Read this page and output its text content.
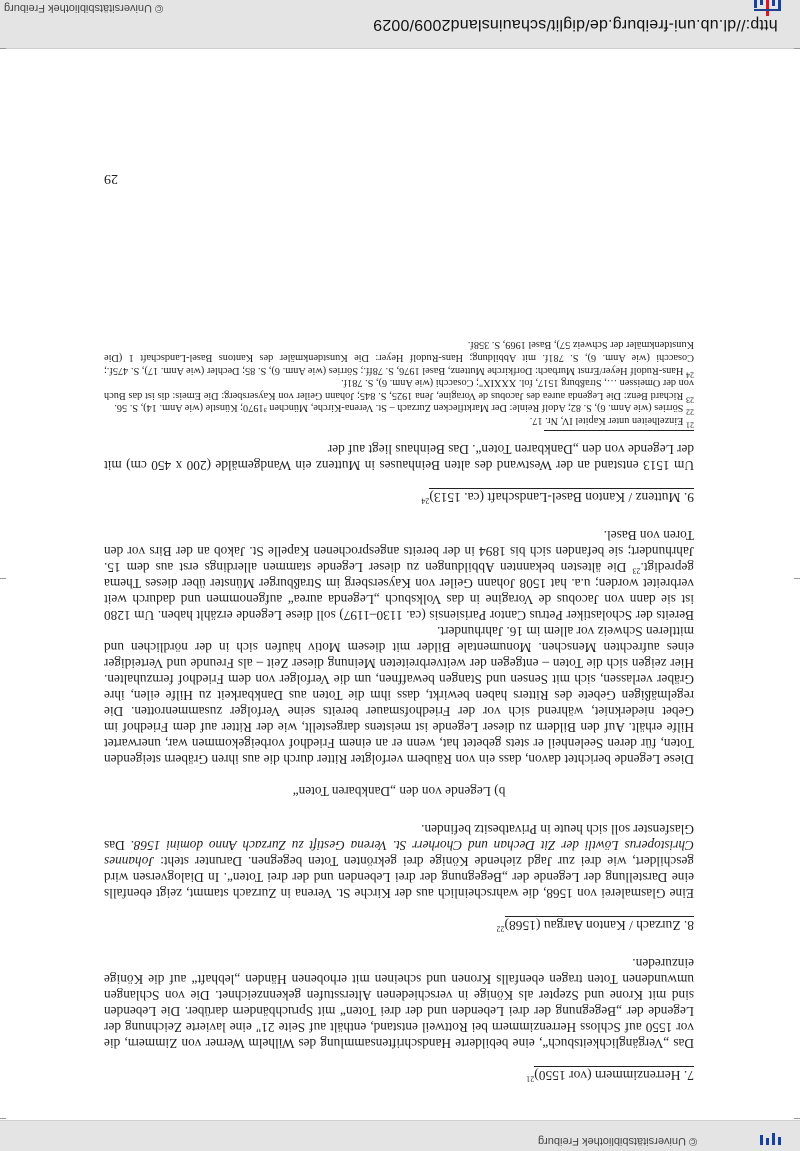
http://dl.ub.uni-freiburg.de/diglit/schauinsland2009/0029
© Universitätsbibliothek Freiburg
© Universitätsbibliothek Freiburg

7. Herrenzimmern (vor 1550)$^{21}$

Das „Vergänglichkeitsbuch“, eine bebilderte Handschriftensammlung des Wilhelm Werner von Zimmern, die vor 1550 auf Schloss Herrenzimmern bei Rottweil entstand, enthält auf Seite 21" eine lavierte Zeichnung der Legende der „Begegnung der drei Lebenden und der drei Toten“ mit Spruchbändern darüber. Die Lebenden sind mit Krone und Szepter als Könige in verschiedenen Altersstufen gekennzeichnet. Die von Schlangen umwundenen Toten tragen ebenfalls Kronen und scheinen mit erhobenen Händen „lebhaft“ auf die Könige einzureden.

8. Zurzach / Kanton Aargau $(1568)^{22}$

Eine Glasmalerei von 1568, die wahrscheinlich aus der Kirche St. Verena in Zurzach stammt, zeigt ebenfalls eine Darstellung der Legende der „Begegnung der drei Lebenden und der drei Toten“. In Dialogversen wird geschildert, wie drei zur Jagd ziehende Könige drei gekrönten Toten begegnen. Darunter steht: Johannes Christoperus Löwtli der Zit Dechan und Chorherr St. Verena Gestift zu Zurzach Anno domini 1568. Das Glasfenster soll sich heute in Privatbesitz befinden.

b) Legende von den „Dankbaren Toten“

Diese Legende berichtet davon, dass ein von Räubern verfolgter Ritter durch die aus ihren Gräbern steigenden Toten, für deren Seelenheil er stets gebetet hat, wenn er an einem Friedhof vorbeigekommen war, unerwartet Hilfe erhält. Auf den Bildern zu dieser Legende ist meistens dargestellt, wie der Ritter auf dem Friedhof im Gebet niederkniet, während sich vor der Friedhofsmauer bereits seine Verfolger zusammenrotten. Die regelmäßigen Gebete des Ritters haben bewirkt, dass ihm die Toten aus Dankbarkeit zu Hilfe eilen, ihre Gräber verlassen, sich mit Sensen und Stangen bewaffnen, um die Verfolger von dem Friedhof fernzuhalten. Hier zeigen sich die Toten – entgegen der weitverbreiteten Meinung dieser Zeit – als Freunde und Verteidiger eines aufrechten Menschen. Monumentale Bilder mit diesem Motiv häufen sich in der nördlichen und mittleren Schweiz vor allem im 16. Jahrhundert.

Bereits der Scholastiker Petrus Cantor Parisiensis (ca. 1130–1197) soll diese Legende erzählt haben. Um 1280 ist sie dann von Jacobus de Voragine in das Volksbuch „Legenda aurea“ aufgenommen und dadurch weit verbreitet worden; u.a. hat 1508 Johann Geiler von Kaysersberg im Straßburger Münster über dieses Thema gepredigt.$^{23}$ Die ältesten bekannten Abbildungen zu dieser Legende stammen allerdings erst aus dem 15. Jahrhundert; sie befanden sich bis 1894 in der bereits angesprochenen Kapelle St. Jakob an der Birs vor den Toren von Basel.

9. Muttenz / Kanton Basel-Landschaft (ca. 1513)$^{24}$

Um 1513 entstand an der Westwand des alten Beinhauses in Muttenz ein Wandgemälde (200 x 450 cm) mit der Legende von den „Dankbaren Toten“. Das Beinhaus liegt auf der

$^{21}$ Einzelheiten unter Kapitel IV, Nr. 17.

$^{22}$ Sörries (wie Anm. 6), S. 82; Adolf Reinle: Der Marktflecken Zurzach – St. Verena-Kirche, München ³1970; Künstle (wie Anm. 14), S. 56.

$^{23}$ Richard Benz: Die Legenda aurea des Jacobus de Voragine, Jena 1925, S. 845; Johann Geiler von Kaysersberg: Die Emeis: dis ist das Buch von der Omeissen …, Straßburg 1517, fol. XXXIX"; Cosacchi (wie Anm. 6), S. 781f.

$^{24}$ Hans-Rudolf Heyer/Ernst Murbach: Dorfkirche Muttenz, Basel 1976, S. 78ff.; Sörries (wie Anm. 6), S. 85; Dechler (wie Anm. 17), S. 475f.; Cosacchi (wie Anm. 6), S. 781f. mit Abbildung; Hans-Rudolf Heyer: Die Kunstdenkmäler des Kantons Basel-Landschaft 1 (Die Kunstdenkmäler der Schweiz 57), Basel 1969, S. 358f.

29
